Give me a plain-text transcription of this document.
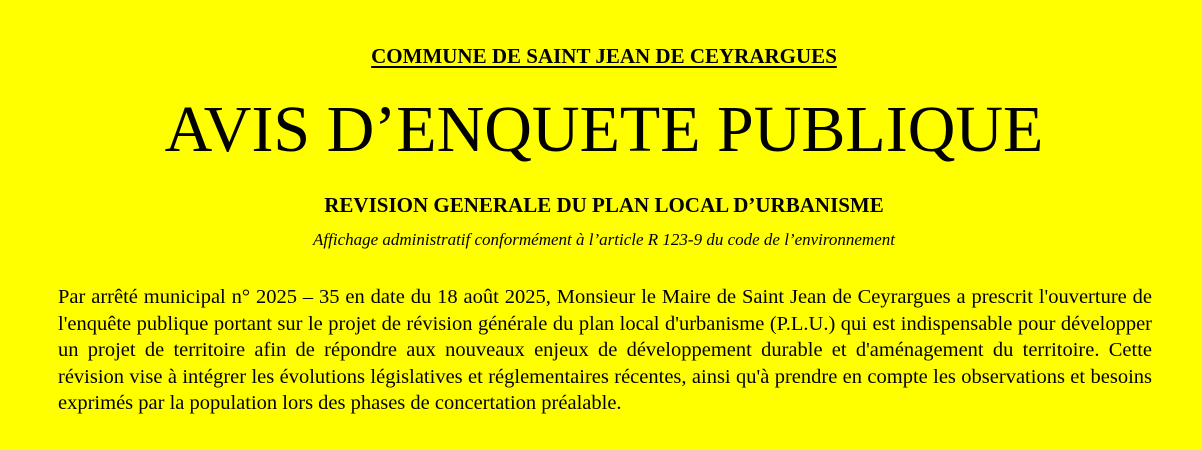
COMMUNE DE SAINT JEAN DE CEYRARGUES

AVIS D’ENQUETE PUBLIQUE

REVISION GENERALE DU PLAN LOCAL D’URBANISME

Affichage administratif conformément à l’article R 123-9 du code de l’environnement

Par arrêté municipal n° 2025 – 35 en date du 18 août 2025, Monsieur le Maire de Saint Jean de Ceyrargues a prescrit l'ouverture de l'enquête publique portant sur le projet de révision générale du plan local d'urbanisme (P.L.U.) qui est indispensable pour développer un projet de territoire afin de répondre aux nouveaux enjeux de développement durable et d'aménagement du territoire. Cette révision vise à intégrer les évolutions législatives et réglementaires récentes, ainsi qu'à prendre en compte les observations et besoins exprimés par la population lors des phases de concertation préalable.
